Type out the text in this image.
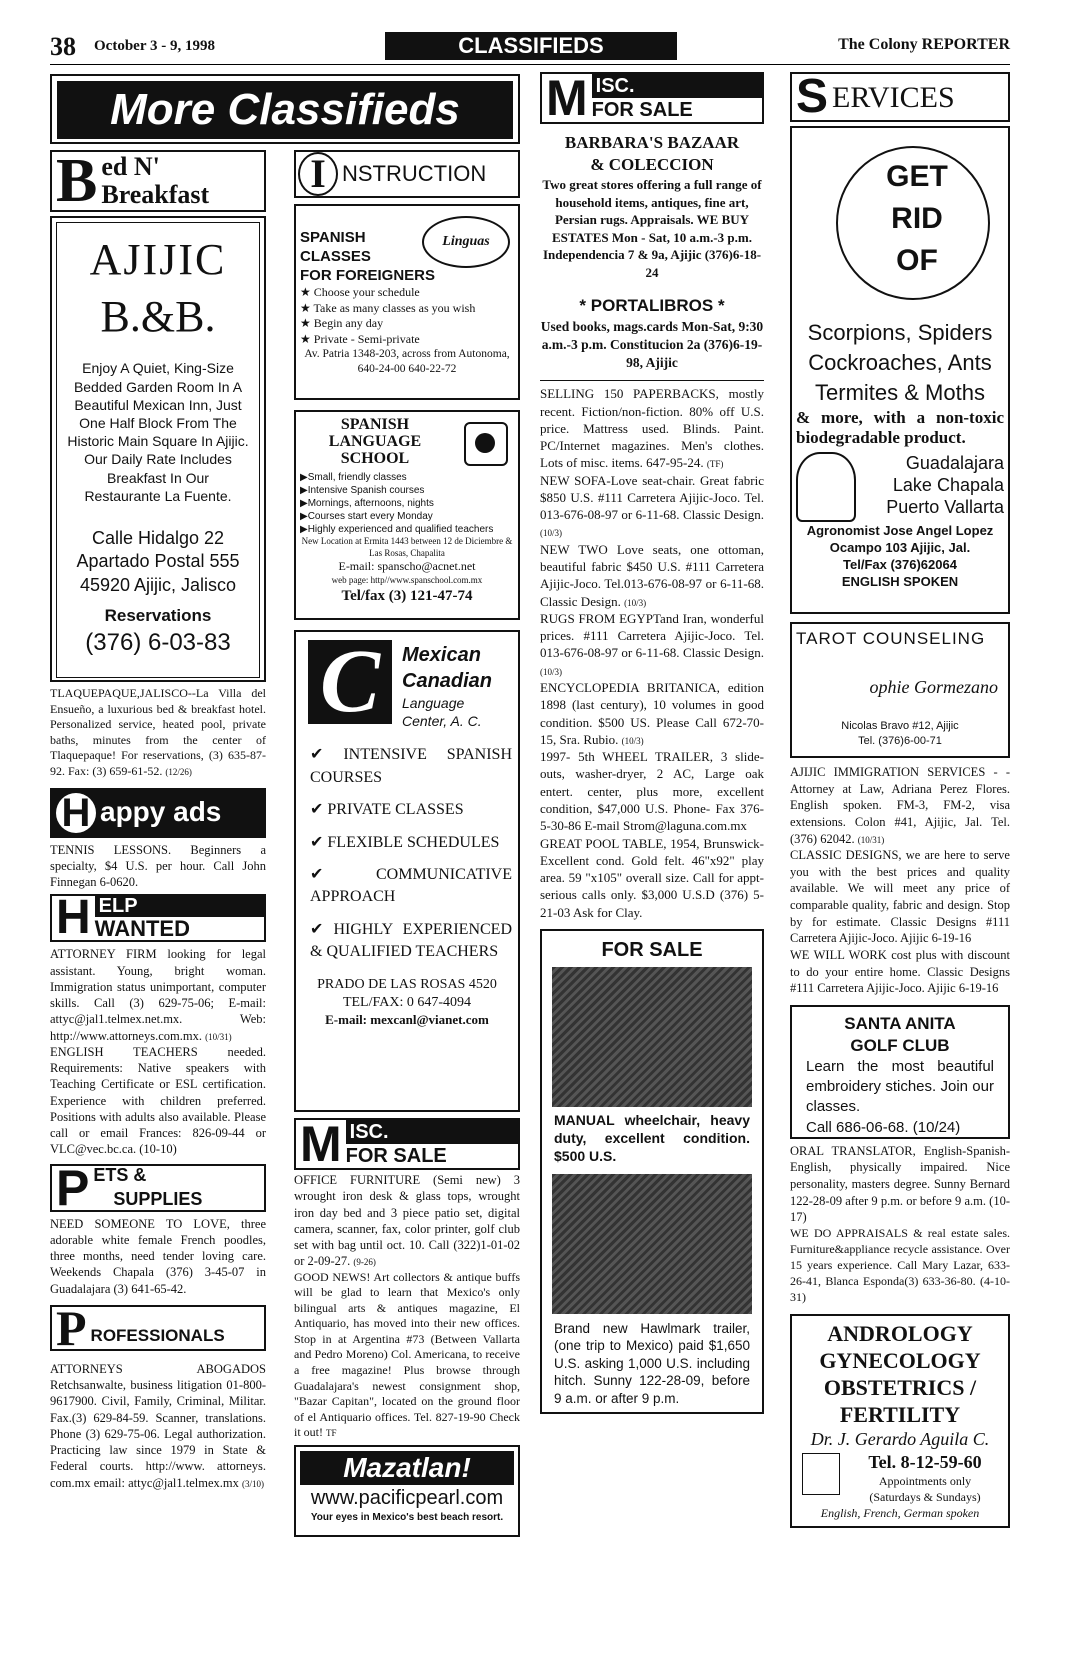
38 October 3 - 9, 1998	CLASSIFIEDS	The Colony REPORTER
More Classifieds
B ed N'
Breakfast
AJIJIC
B.&B.
Enjoy A Quiet, King-Size Bedded Garden Room In A Beautiful Mexican Inn, Just One Half Block From The Historic Main Square In Ajijic. Our Daily Rate Includes Breakfast In Our Restaurante La Fuente.
Calle Hidalgo 22
Apartado Postal 555
45920 Ajijic, Jalisco
Reservations
(376) 6-03-83

TLAQUEPAQUE,JALISCO--La Villa del Ensueño, a luxurious bed & breakfast hotel. Personalized service, heated pool, private baths, minutes from the center of Tlaquepaque! For reservations, (3) 635-87-92. Fax: (3) 659-61-52. (12/26)

H appy ads

TENNIS LESSONS. Beginners a specialty, $4 U.S. per hour. Call John Finnegan 6-0620.

H ELP
WANTED

ATTORNEY FIRM looking for legal assistant. Young, bright woman. Immigration status unimportant, computer skills. Call (3) 629-75-06; E-mail: attyc@jal1.telmex.net.mx. Web: http://www.attorneys.com.mx. (10/31)

ENGLISH TEACHERS needed. Requirements: Native speakers with Teaching Certificate or ESL certification. Experience with children preferred. Positions with adults also available. Please call or email Frances: 826-09-44 or VLC@vec.bc.ca. (10-10)

P ETS &
SUPPLIES

NEED SOMEONE TO LOVE, three adorable white female French poodles, three months, need tender loving care. Weekends Chapala (376) 3-45-07 in Guadalajara (3) 641-65-42.

P ROFESSIONALS

ATTORNEYS ABOGADOS Retchsanwalte, business litigation 01-800-9617900. Civil, Family, Criminal, Militar. Fax.(3) 629-84-59. Scanner, translations. Phone (3) 629-75-06. Legal authorization. Practicing law since 1979 in State & Federal courts. http://www. attorneys. com.mx email: attyc@jal1.telmex.mx (3/10)

I NSTRUCTION
SPANISH
CLASSES
FOR FOREIGNERS
Linguas
★ Choose your schedule
★ Take as many classes as you wish
★ Begin any day
★ Private - Semi-private
Av. Patria 1348-203, across from Autonoma, 640-24-00 640-22-72
SPANISH LANGUAGE SCHOOL
▶Small, friendly classes
▶Intensive Spanish courses
▶Mornings, afternoons, nights
▶Courses start every Monday
▶Highly experienced and qualified teachers
New Location at Ermita 1443 between 12 de Diciembre & Las Rosas, Chapalita
E-mail: spanscho@acnet.net
web page: http//www.spanschool.com.mx
Tel/fax (3) 121-47-74
C	Mexican
Canadian
Language
Center, A. C.
✔ INTENSIVE SPANISH COURSES
✔ PRIVATE CLASSES
✔ FLEXIBLE SCHEDULES
✔ COMMUNICATIVE APPROACH
✔ HIGHLY EXPERIENCED & QUALIFIED TEACHERS
PRADO DE LAS ROSAS 4520
TEL/FAX: 0 647-4094
E-mail: mexcanl@vianet.com
M ISC.
FOR SALE

OFFICE FURNITURE (Semi new) 3 wrought iron desk & glass tops, wrought iron day bed and 3 piece patio set, digital camera, scanner, fax, color printer, golf club set with bag until oct. 10. Call (322)1-01-02 or 2-09-27. (9-26)

GOOD NEWS! Art collectors & antique buffs will be glad to learn that Mexico's only bilingual arts & antiques magazine, El Antiquario, has moved into their new offices. Stop in at Argentina #73 (Between Vallarta and Pedro Moreno) Col. Americana, to receive a free magazine! Plus browse through Guadalajara's newest consignment shop, "Bazar Capitan", located on the ground floor of el Antiquario offices. Tel. 827-19-90 Check it out! TF

Mazatlan!
www.pacificpearl.com
Your eyes in Mexico's best beach resort.
M ISC.
FOR SALE
BARBARA'S BAZAAR
& COLECCION
Two great stores offering a full range of household items, antiques, fine art, Persian rugs. Appraisals. WE BUY ESTATES Mon - Sat, 10 a.m.-3 p.m. Independencia 7 & 9a, Ajijic (376)6-18-24
* PORTALIBROS *
Used books, mags.cards Mon-Sat, 9:30 a.m.-3 p.m. Constitucion 2a (376)6-19-98, Ajijic

SELLING 150 PAPERBACKS, mostly recent. Fiction/non-fiction. 80% off U.S. price. Mattress used. Blinds. Paint. PC/Internet magazines. Men's clothes. Lots of misc. items. 647-95-24. (TF)

NEW SOFA-Love seat-chair. Great fabric $850 U.S. #111 Carretera Ajijic-Joco. Tel. 013-676-08-97 or 6-11-68. Classic Design. (10/3)

NEW TWO Love seats, one ottoman, beautiful fabric $450 U.S. #111 Carretera Ajijic-Joco. Tel.013-676-08-97 or 6-11-68. Classic Design. (10/3)

RUGS FROM EGYPTand Iran, wonderful prices. #111 Carretera Ajijic-Joco. Tel. 013-676-08-97 or 6-11-68. Classic Design. (10/3)

ENCYCLOPEDIA BRITANICA, edition 1898 (last century), 10 volumes in good condition. $500 US. Please Call 672-70-15, Sra. Rubio. (10/3)

1997- 5th WHEEL TRAILER, 3 slide-outs, washer-dryer, 2 AC, Large oak entert. center, plus more, excellent condition, $47,000 U.S. Phone- Fax 376-5-30-86 E-mail Strom@laguna.com.mx

GREAT POOL TABLE, 1954, Brunswick- Excellent cond. Gold felt. 46"x92" play area. 59 "x105" overall size. Call for appt-serious calls only. $3,000 U.S.D (376) 5-21-03 Ask for Clay.

FOR SALE
MANUAL wheelchair, heavy duty, excellent condition. $500 U.S.
Brand new Hawlmark trailer, (one trip to Mexico) paid $1,650 U.S. asking 1,000 U.S. including hitch. Sunny 122-28-09, before 9 a.m. or after 9 p.m.
S ERVICES
GET
RID
OF
Scorpions, Spiders
Cockroaches, Ants
Termites & Moths
& more, with a non-toxic biodegradable product.
Guadalajara
Lake Chapala
Puerto Vallarta
Agronomist Jose Angel Lopez
Ocampo 103 Ajijic, Jal.
Tel/Fax (376)62064
ENGLISH SPOKEN
TAROT COUNSELING
ophie Gormezano
Nicolas Bravo #12, Ajijic
Tel. (376)6-00-71

AJIJIC IMMIGRATION SERVICES - - Attorney at Law, Adriana Perez Flores. English spoken. FM-3, FM-2, visa extensions. Colon #41, Ajijic, Jal. Tel. (376) 62042. (10/31)

CLASSIC DESIGNS, we are here to serve you with the best prices and quality available. We will meet any price of comparable quality, fabric and design. Stop by for estimate. Classic Designs #111 Carretera Ajijic-Joco. Ajijic 6-19-16

WE WILL WORK cost plus with discount to do your entire home. Classic Designs #111 Carretera Ajijic-Joco. Ajijic 6-19-16

SANTA ANITA
GOLF CLUB
Learn the most beautiful embroidery stiches. Join our classes.
Call 686-06-68. (10/24)

ORAL TRANSLATOR, English-Spanish-English, physically impaired. Nice personality, masters degree. Sunny Bernard 122-28-09 after 9 p.m. or before 9 a.m. (10-17)

WE DO APPRAISALS & real estate sales. Furniture&appliance recycle assistance. Over 15 years experience. Call Mary Lazar, 633-26-41, Blanca Esponda(3) 633-36-80. (4-10-31)

ANDROLOGY
GYNECOLOGY
OBSTETRICS /
FERTILITY
Dr. J. Gerardo Aguila C.
Tel. 8-12-59-60
Appointments only
(Saturdays & Sundays)
English, French, German spoken
